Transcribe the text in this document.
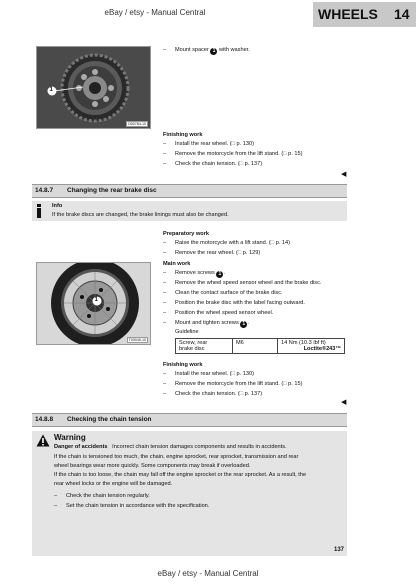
eBay / etsy - Manual Central	WHEELS 14
1
D00784-10
– Mount spacer 1 with washer.
Finishing work
– Install the rear wheel. (□ p. 130)
– Remove the motorcycle from the lift stand. (□ p. 15)
– Check the chain tension. (□ p. 137)
◀
14.8.7 Changing the rear brake disc
Info
If the brake discs are changed, the brake linings must also be changed.
Preparatory work
– Raise the motorcycle with a lift stand. (□ p. 14)
– Remove the rear wheel. (□ p. 129)
1
T00049-10
Main work
– Remove screws 1 .
– Remove the wheel speed sensor wheel and the brake disc.
– Clean the contact surface of the brake disc.
– Position the brake disc with the label facing outward.
– Position the wheel speed sensor wheel.
– Mount and tighten screws 1 .
Guideline
Screw, rear
brake disc	M6	14 Nm (10.3 lbf ft)

Loctite®243™
Finishing work
– Install the rear wheel. (□ p. 130)
– Remove the motorcycle from the lift stand. (□ p. 15)
– Check the chain tension. (□ p. 137)
◀
14.8.8 Checking the chain tension
Warning
Danger of accidents Incorrect chain tension damages components and results in accidents.
If the chain is tensioned too much, the chain, engine sprocket, rear sprocket, transmission and rear
wheel bearings wear more quickly. Some components may break if overloaded.
If the chain is too loose, the chain may fall off the engine sprocket or the rear sprocket. As a result, the
rear wheel locks or the engine will be damaged.
– Check the chain tension regularly.
– Set the chain tension in accordance with the specification.
137
eBay / etsy - Manual Central
